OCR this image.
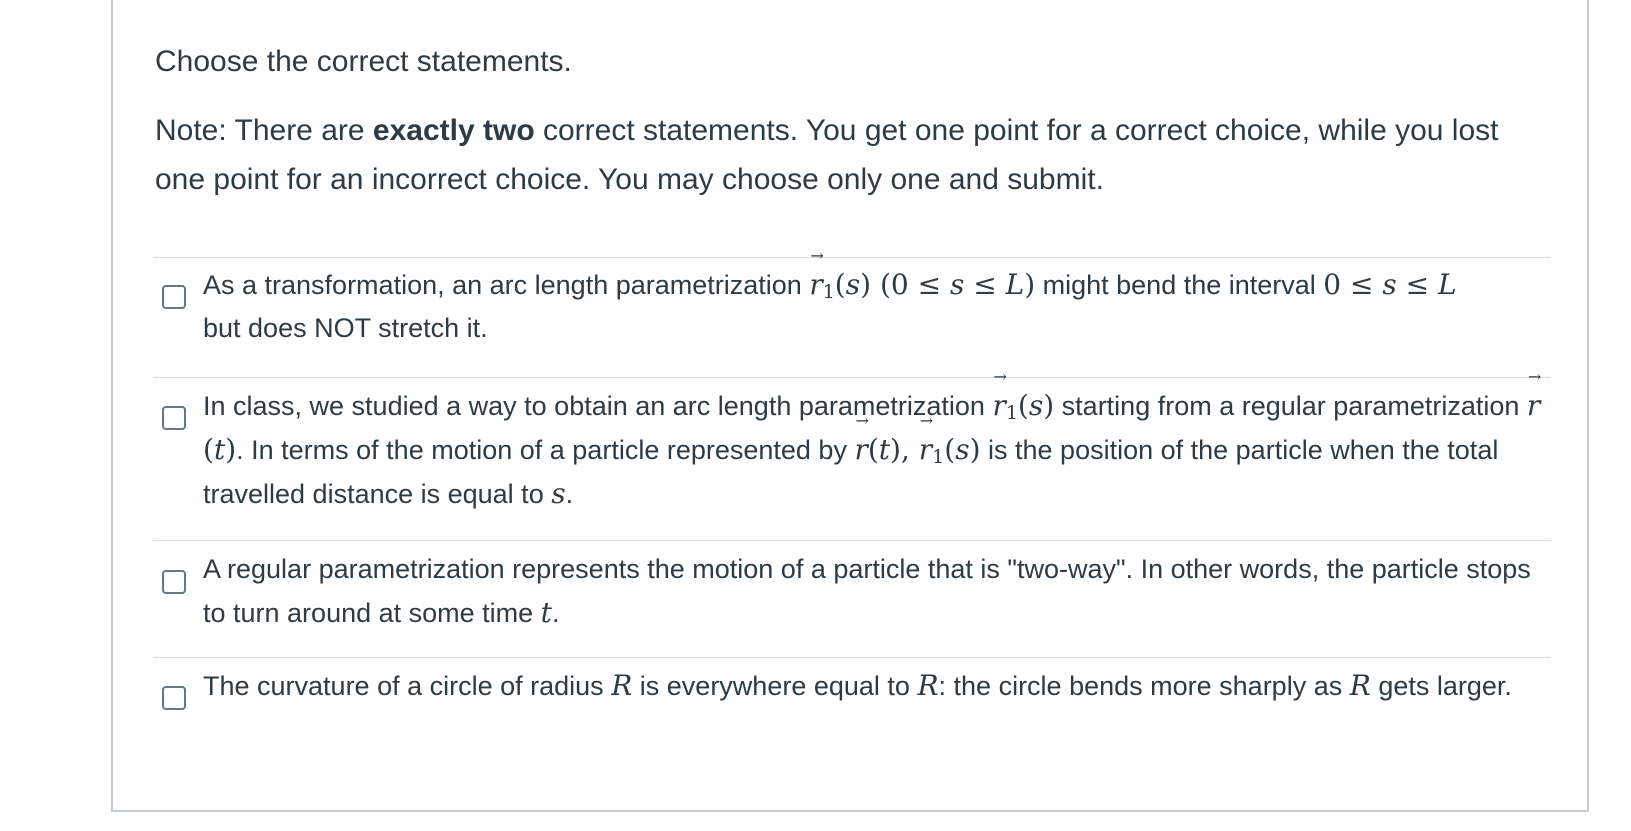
Choose the correct statements.

Note: There are exactly two correct statements. You get one point for a correct choice, while you lost one point for an incorrect choice. You may choose only one and submit.

As a transformation, an arc length parametrization → $r_1(s) (0 \le s \le L)$ might bend the interval 0 ≤ s ≤ L
but does NOT stretch it.
In class, we studied a way to obtain an arc length parametrization → $r_1(s)$ starting from a regular parametrization → r(t). In terms of the motion of a particle represented by → r(t), → $r_1(s)$ is the position of the particle when the total travelled distance is equal to s.
A regular parametrization represents the motion of a particle that is "two-way". In other words, the particle stops to turn around at some time t.
The curvature of a circle of radius R is everywhere equal to R: the circle bends more sharply as R gets larger.
